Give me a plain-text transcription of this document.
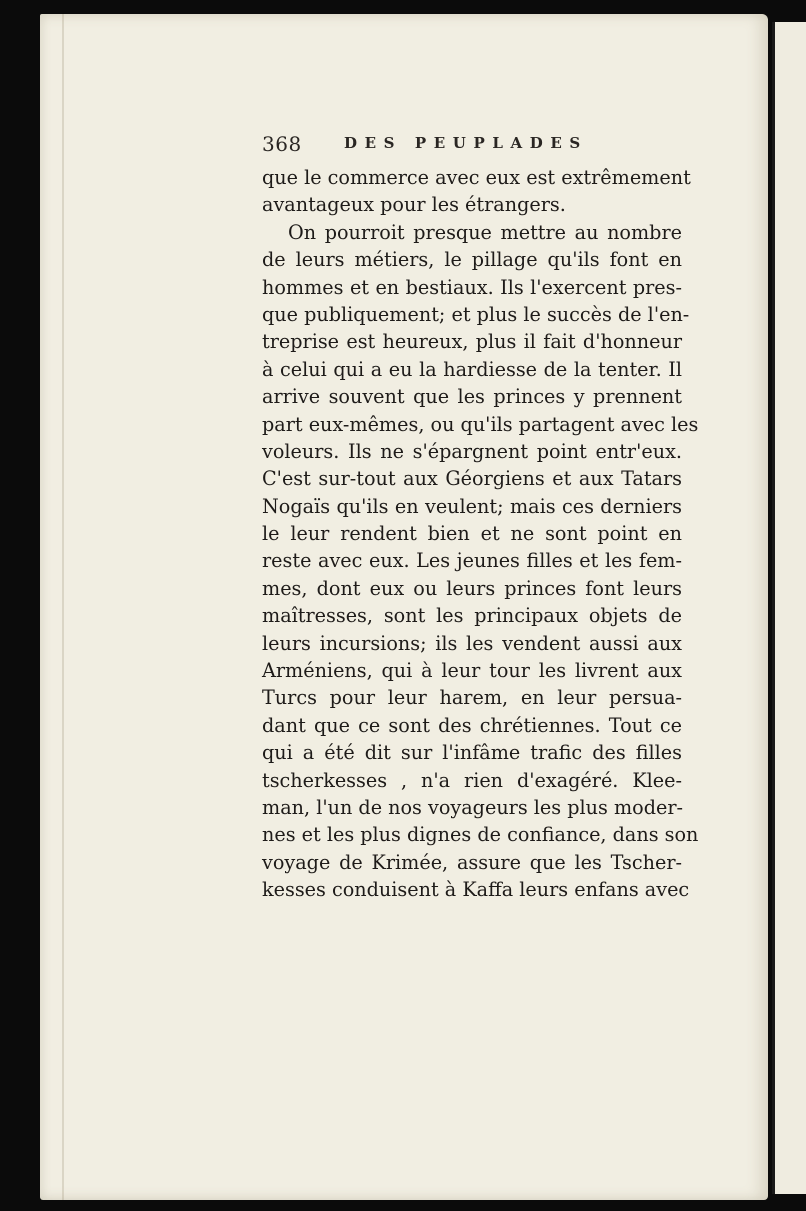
368	DES PEUPLADES
que le commerce avec eux est extrêmement
avantageux pour les étrangers.
On pourroit presque mettre au nombre
de leurs métiers, le pillage qu'ils font en
hommes et en bestiaux. Ils l'exercent pres-
que publiquement; et plus le succès de l'en-
treprise est heureux, plus il fait d'honneur
à celui qui a eu la hardiesse de la tenter. Il
arrive souvent que les princes y prennent
part eux-mêmes, ou qu'ils partagent avec les
voleurs. Ils ne s'épargnent point entr'eux.
C'est sur-tout aux Géorgiens et aux Tatars
Nogaïs qu'ils en veulent; mais ces derniers
le leur rendent bien et ne sont point en
reste avec eux. Les jeunes filles et les fem-
mes, dont eux ou leurs princes font leurs
maîtresses, sont les principaux objets de
leurs incursions; ils les vendent aussi aux
Arméniens, qui à leur tour les livrent aux
Turcs pour leur harem, en leur persua-
dant que ce sont des chrétiennes. Tout ce
qui a été dit sur l'infâme trafic des filles
tscherkesses , n'a rien d'exagéré. Klee-
man, l'un de nos voyageurs les plus moder-
nes et les plus dignes de confiance, dans son
voyage de Krimée, assure que les Tscher-
kesses conduisent à Kaffa leurs enfans avec
